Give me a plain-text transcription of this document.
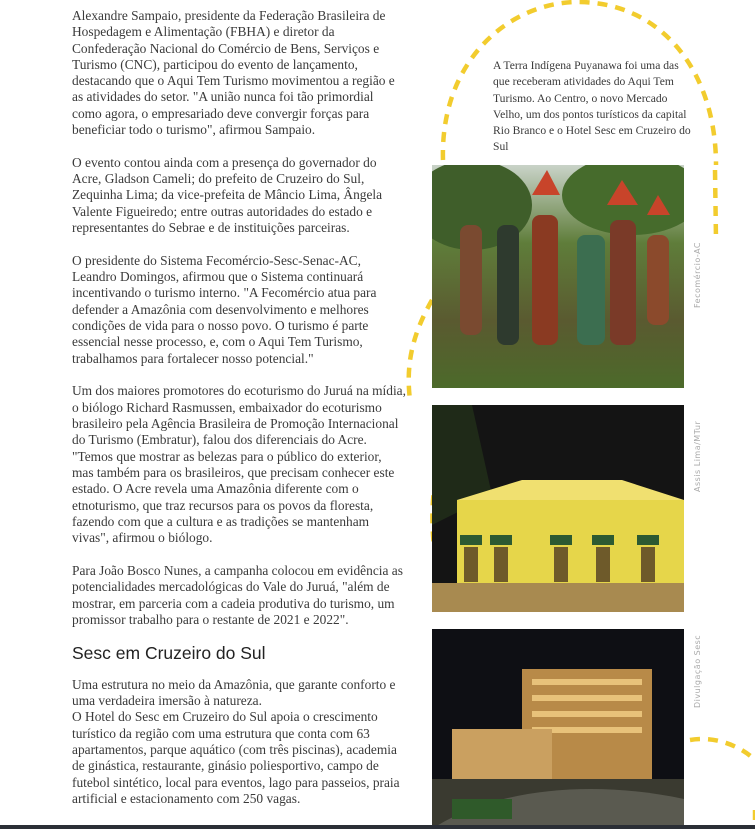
Alexandre Sampaio, presidente da Federação Brasileira de Hospedagem e Alimentação (FBHA) e diretor da Confederação Nacional do Comércio de Bens, Serviços e Turismo (CNC), participou do evento de lançamento, destacando que o Aqui Tem Turismo movimentou a região e as atividades do setor. "A união nunca foi tão primordial como agora, o empresariado deve convergir forças para beneficiar todo o turismo", afirmou Sampaio.

O evento contou ainda com a presença do governador do Acre, Gladson Cameli; do prefeito de Cruzeiro do Sul, Zequinha Lima; da vice-prefeita de Mâncio Lima, Ângela Valente Figueiredo; entre outras autoridades do estado e representantes do Sebrae e de instituições parceiras.

O presidente do Sistema Fecomércio-Sesc-Senac-AC, Leandro Domingos, afirmou que o Sistema continuará incentivando o turismo interno. "A Fecomércio atua para defender a Amazônia com desenvolvimento e melhores condições de vida para o nosso povo. O turismo é parte essencial nesse processo, e, com o Aqui Tem Turismo, trabalhamos para fortalecer nosso potencial."

Um dos maiores promotores do ecoturismo do Juruá na mídia, o biólogo Richard Rasmussen, embaixador do ecoturismo brasileiro pela Agência Brasileira de Promoção Internacional do Turismo (Embratur), falou dos diferenciais do Acre. "Temos que mostrar as belezas para o público do exterior, mas também para os brasileiros, que precisam conhecer este estado. O Acre revela uma Amazônia diferente com o etnoturismo, que traz recursos para os povos da floresta, fazendo com que a cultura e as tradições se mantenham vivas", afirmou o biólogo.

Para João Bosco Nunes, a campanha colocou em evidência as potencialidades mercadológicas do Vale do Juruá, "além de mostrar, em parceria com a cadeia produtiva do turismo, um promissor trabalho para o restante de 2021 e 2022".

Sesc em Cruzeiro do Sul

Uma estrutura no meio da Amazônia, que garante conforto e uma verdadeira imersão à natureza.

O Hotel do Sesc em Cruzeiro do Sul apoia o crescimento turístico da região com uma estrutura que conta com 63 apartamentos, parque aquático (com três piscinas), academia de ginástica, restaurante, ginásio poliesportivo, campo de futebol sintético, local para eventos, lago para passeios, praia artificial e estacionamento com 250 vagas.

A Terra Indígena Puyanawa foi uma das que receberam atividades do Aqui Tem Turismo. Ao Centro, o novo Mercado Velho, um dos pontos turísticos da capital Rio Branco e o Hotel Sesc em Cruzeiro do Sul
Fecomércio-AC
Assis Lima/MTur
Divulgação Sesc
